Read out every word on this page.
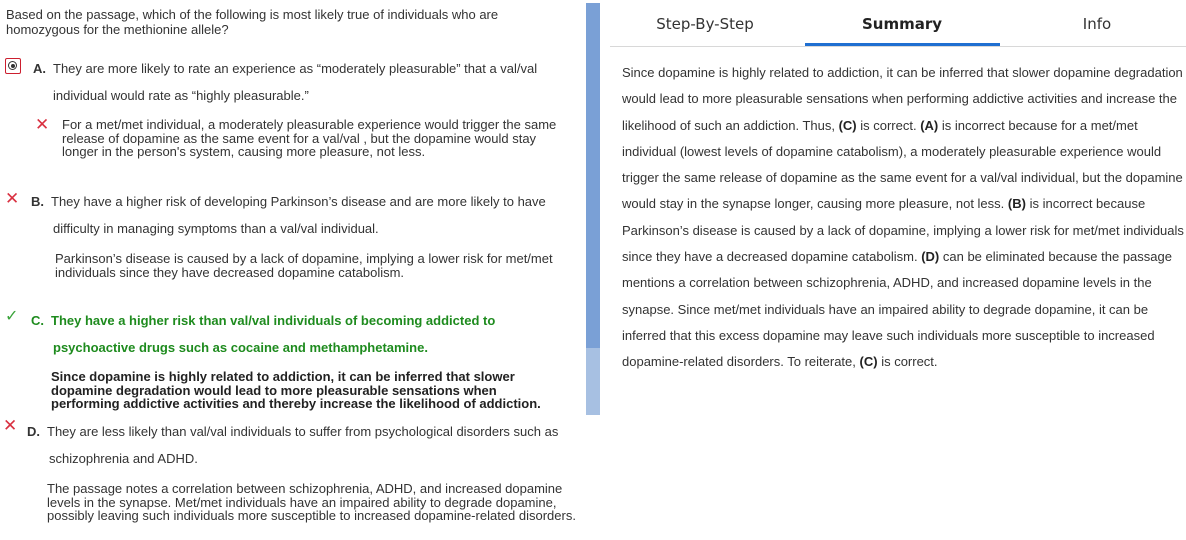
Based on the passage, which of the following is most likely true of individuals who are homozygous for the methionine allele?
A. They are more likely to rate an experience as “moderately pleasurable” that a val/val
individual would rate as “highly pleasurable.”
✕ For a met/met individual, a moderately pleasurable experience would trigger the same release of dopamine as the same event for a val/val , but the dopamine would stay longer in the person's system, causing more pleasure, not less.
✕ B. They have a higher risk of developing Parkinson’s disease and are more likely to have
difficulty in managing symptoms than a val/val individual.
Parkinson’s disease is caused by a lack of dopamine, implying a lower risk for met/met individuals since they have decreased dopamine catabolism.
✓ C. They have a higher risk than val/val individuals of becoming addicted to
psychoactive drugs such as cocaine and methamphetamine.
Since dopamine is highly related to addiction, it can be inferred that slower dopamine degradation would lead to more pleasurable sensations when performing addictive activities and thereby increase the likelihood of addiction.
✕ D. They are less likely than val/val individuals to suffer from psychological disorders such as
schizophrenia and ADHD.
The passage notes a correlation between schizophrenia, ADHD, and increased dopamine levels in the synapse. Met/met individuals have an impaired ability to degrade dopamine, possibly leaving such individuals more susceptible to increased dopamine-related disorders.
Step-By-Step	Summary	Info
Since dopamine is highly related to addiction, it can be inferred that slower dopamine degradation would lead to more pleasurable sensations when performing addictive activities and increase the likelihood of such an addiction. Thus, (C) is correct. (A) is incorrect because for a met/met individual (lowest levels of dopamine catabolism), a moderately pleasurable experience would trigger the same release of dopamine as the same event for a val/val individual, but the dopamine would stay in the synapse longer, causing more pleasure, not less. (B) is incorrect because Parkinson’s disease is caused by a lack of dopamine, implying a lower risk for met/met individuals since they have a decreased dopamine catabolism. (D) can be eliminated because the passage mentions a correlation between schizophrenia, ADHD, and increased dopamine levels in the synapse. Since met/met individuals have an impaired ability to degrade dopamine, it can be inferred that this excess dopamine may leave such individuals more susceptible to increased dopamine-related disorders. To reiterate, (C) is correct.
